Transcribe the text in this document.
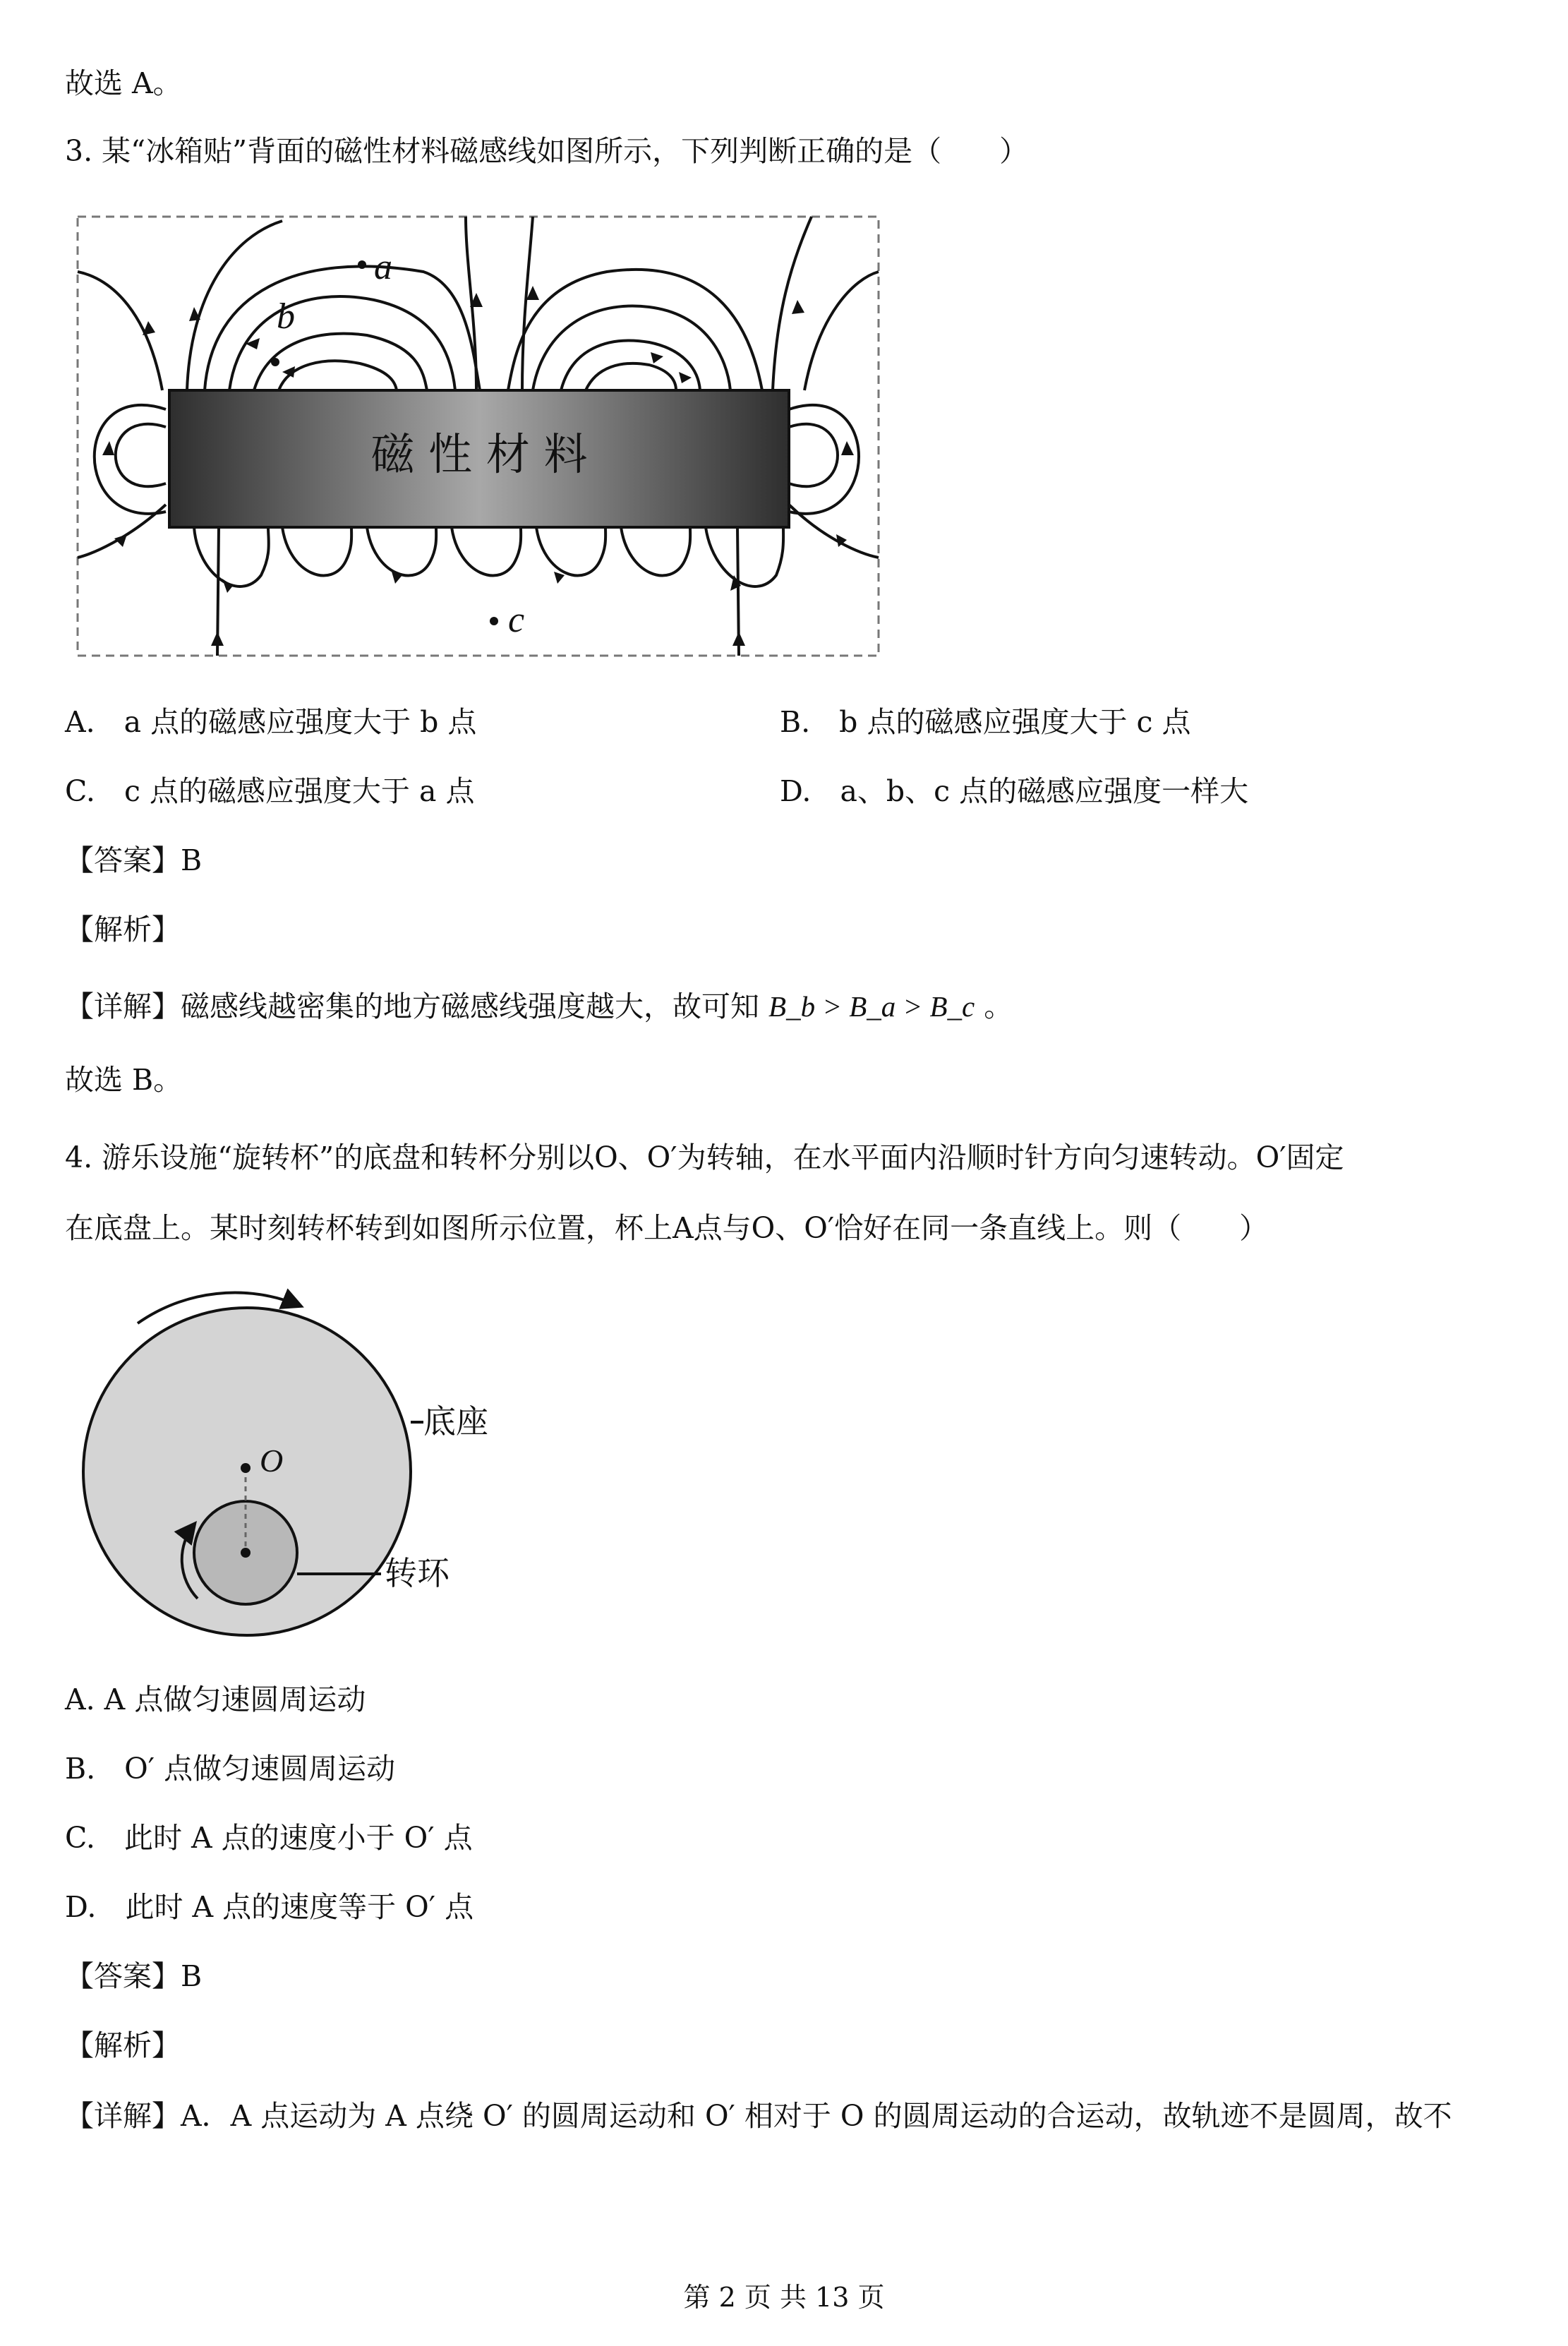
故选 A。
3. 某“冰箱贴”背面的磁性材料磁感线如图所示，下列判断正确的是（　　）
磁 性 材 料
a
b
c
A.　a 点的磁感应强度大于 b 点	B.　b 点的磁感应强度大于 c 点
C.　c 点的磁感应强度大于 a 点	D.　a、b、c 点的磁感应强度一样大
【答案】B
【解析】
【详解】磁感线越密集的地方磁感线强度越大，故可知 B_b > B_a > B_c 。
故选 B。
4. 游乐设施“旋转杯”的底盘和转杯分别以O、O′为转轴，在水平面内沿顺时针方向匀速转动。O′固定
在底盘上。某时刻转杯转到如图所示位置，杯上A点与O、O′恰好在同一条直线上。则（　　）
O
底座
转环
A. A 点做匀速圆周运动
B.　O′ 点做匀速圆周运动
C.　此时 A 点的速度小于 O′ 点
D.　此时 A 点的速度等于 O′ 点
【答案】B
【解析】
【详解】A．A 点运动为 A 点绕 O′ 的圆周运动和 O′ 相对于 O 的圆周运动的合运动，故轨迹不是圆周，故不
第 2 页 共 13 页
